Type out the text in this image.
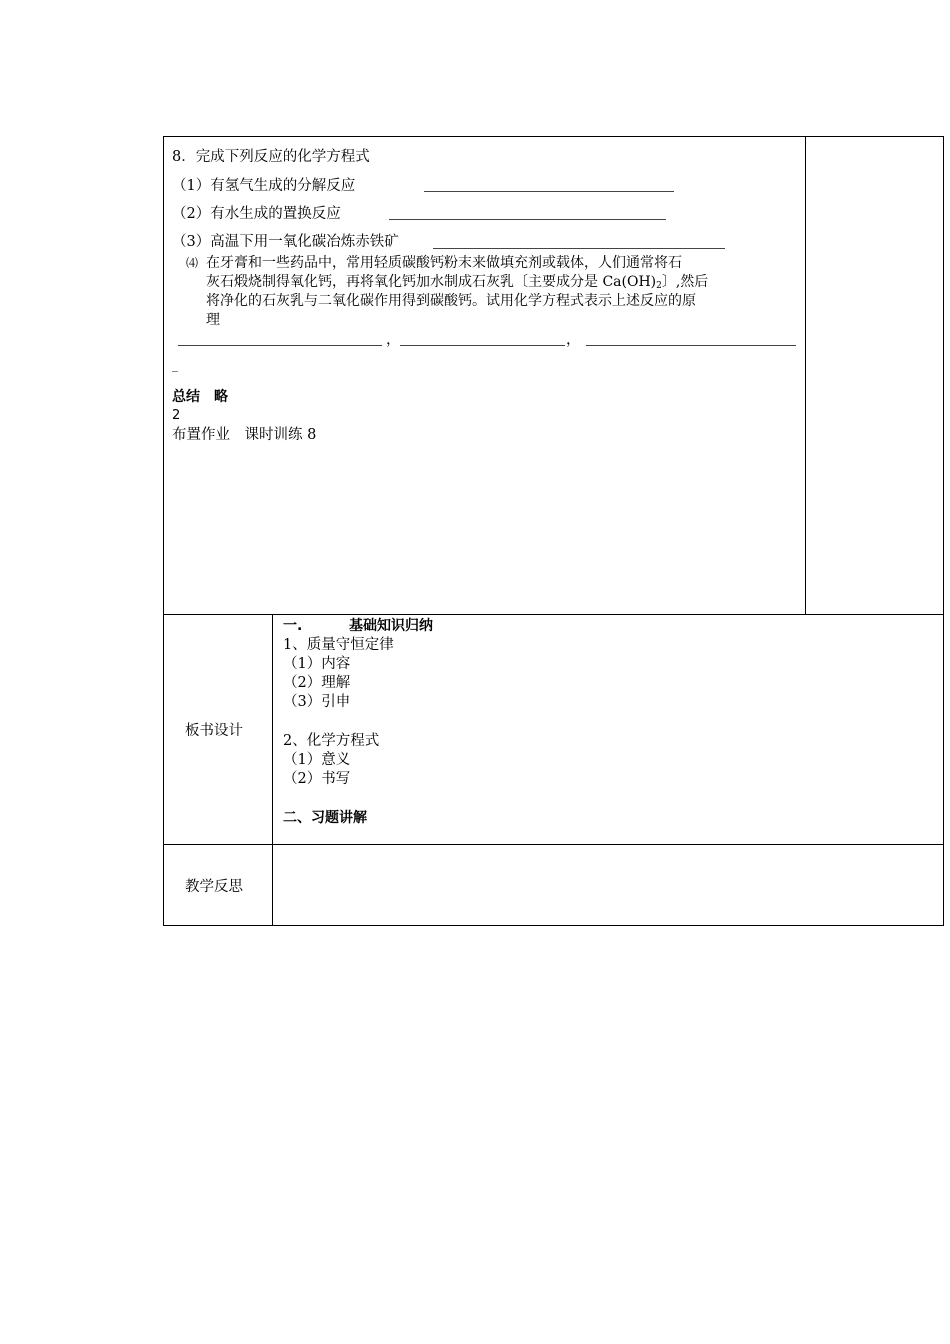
8．完成下列反应的化学方程式
（1）有氢气生成的分解反应
（2）有水生成的置换反应
（3）高温下用一氧化碳冶炼赤铁矿
⑷ 在牙膏和一些药品中，常用轻质碳酸钙粉末来做填充剂或载体，人们通常将石
灰石煅烧制得氧化钙，再将氧化钙加水制成石灰乳〔主要成分是 $Ca(OH)_2$〕,然后
将净化的石灰乳与二氧化碳作用得到碳酸钙。试用化学方程式表示上述反应的原
理
，	，
_
总结　略
2
布置作业　课时训练 8
板书设计
一.	基础知识归纳
1、质量守恒定律
（1）内容
（2）理解
（3）引申
2、化学方程式
（1）意义
（2）书写
二、习题讲解
教学反思
